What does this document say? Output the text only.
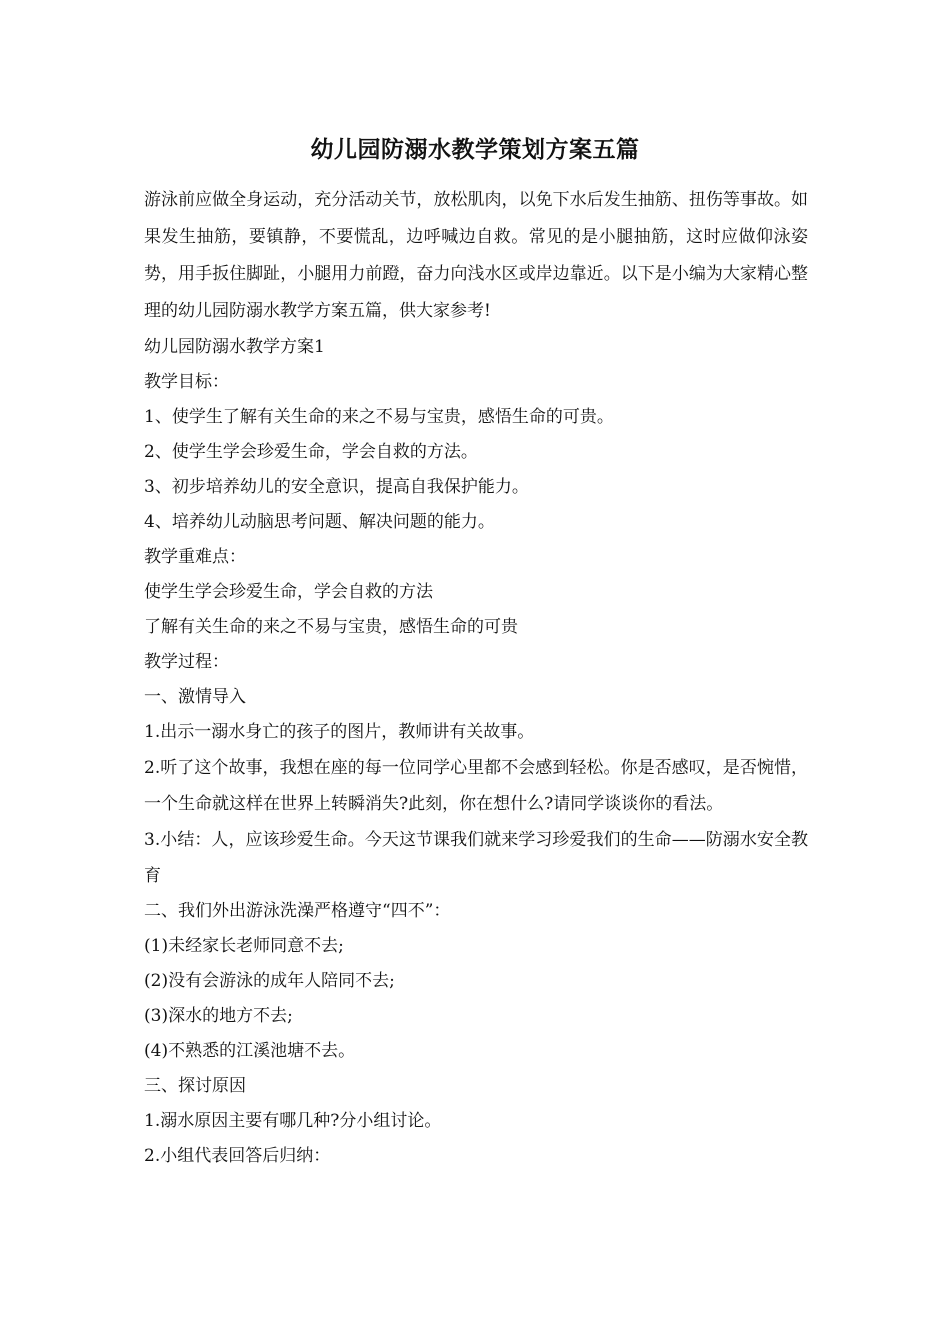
幼儿园防溺水教学策划方案五篇

游泳前应做全身运动，充分活动关节，放松肌肉，以免下水后发生抽筋、扭伤等事故。如果发生抽筋，要镇静，不要慌乱，边呼喊边自救。常见的是小腿抽筋，这时应做仰泳姿势，用手扳住脚趾，小腿用力前蹬，奋力向浅水区或岸边靠近。以下是小编为大家精心整理的幼儿园防溺水教学方案五篇，供大家参考!

幼儿园防溺水教学方案1

教学目标：

1、使学生了解有关生命的来之不易与宝贵，感悟生命的可贵。

2、使学生学会珍爱生命，学会自救的方法。

3、初步培养幼儿的安全意识，提高自我保护能力。

4、培养幼儿动脑思考问题、解决问题的能力。

教学重难点：

使学生学会珍爱生命，学会自救的方法

了解有关生命的来之不易与宝贵，感悟生命的可贵

教学过程：

一、激情导入

1.出示一溺水身亡的孩子的图片，教师讲有关故事。

2.听了这个故事，我想在座的每一位同学心里都不会感到轻松。你是否感叹，是否惋惜，一个生命就这样在世界上转瞬消失?此刻，你在想什么?请同学谈谈你的看法。

3.小结：人，应该珍爱生命。今天这节课我们就来学习珍爱我们的生命——防溺水安全教育

二、我们外出游泳洗澡严格遵守“四不”：

(1)未经家长老师同意不去;

(2)没有会游泳的成年人陪同不去;

(3)深水的地方不去;

(4)不熟悉的江溪池塘不去。

三、探讨原因

1.溺水原因主要有哪几种?分小组讨论。

2.小组代表回答后归纳：
